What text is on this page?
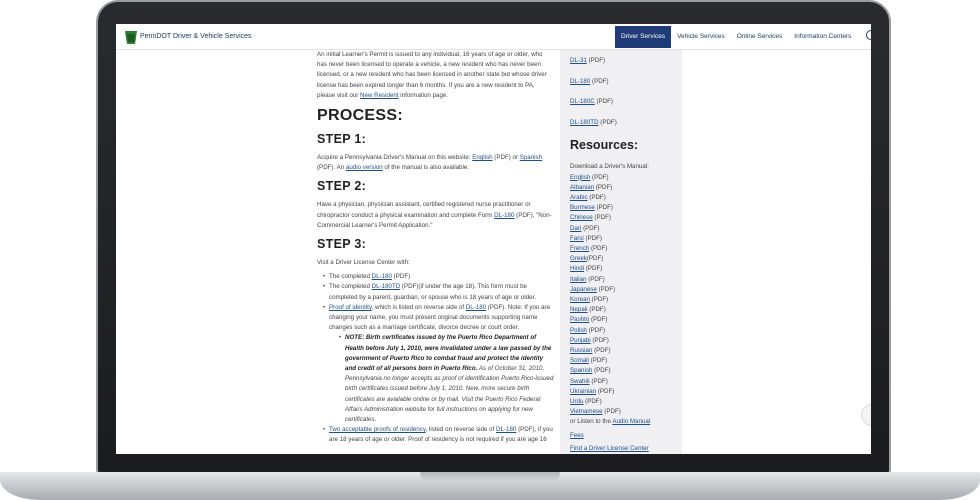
PennDOT Driver & Vehicle Services	Driver Services	Vehicle Services	Online Services	Information Centers

An initial Learner's Permit is issued to any individual, 16 years of age or older, who has never been licensed to operate a vehicle, a new resident who has never been licensed, or a new resident who has been licensed in another state but whose driver license has been expired longer than 6 months. If you are a new resident to PA, please visit our New Resident information page.

PROCESS:
STEP 1:

Acquire a Pennsylvania Driver's Manual on this website: English (PDF) or Spanish (PDF). An audio version of the manual is also available.

STEP 2:

Have a physician, physician assistant, certified registered nurse practitioner or chiropractor conduct a physical examination and complete Form DL-180 (PDF), "Non-Commercial Learner's Permit Application."

STEP 3:

Visit a Driver License Center with:

• The completed DL-180 (PDF)
• The completed DL-180TD (PDF)(if under the age 18). This form must be completed by a parent, guardian, or spouse who is 18 years of age or older.
• Proof of identity, which is listed on reverse side of DL-180 (PDF). Note: If you are changing your name, you must present original documents supporting name changes such as a marriage certificate, divorce decree or court order.
• NOTE: Birth certificates issued by the Puerto Rico Department of Health before July 1, 2010, were invalidated under a law passed by the government of Puerto Rico to combat fraud and protect the identity and credit of all persons born in Puerto Rico. As of October 31, 2010, Pennsylvania no longer accepts as proof of identification Puerto Rico-issued birth certificates issued before July 1, 2010. New, more secure birth certificates are available online or by mail. Visit the Puerto Rico Federal Affairs Administration website for full instructions on applying for new certificates.
• Two acceptable proofs of residency, listed on reverse side of DL-180 (PDF), if you are 18 years of age or older. Proof of residency is not required if you are age 16
DL-31 (PDF)
DL-180 (PDF)
DL-180C (PDF)
DL-180TD (PDF)
Resources:
Download a Driver's Manual:
English (PDF)
Albanian (PDF)
Arabic (PDF)
Burmese (PDF)
Chinese (PDF)
Dari (PDF)
Farsi (PDF)
French (PDF)
Greek(PDF)
Hindi (PDF)
Italian (PDF)
Japanese (PDF)
Korean (PDF)
Nepali (PDF)
Pashto (PDF)
Polish (PDF)
Punjabi (PDF)
Russian (PDF)
Somali (PDF)
Spanish (PDF)
Swahili (PDF)
Ukrainian (PDF)
Urdu (PDF)
Vietnamese (PDF)
or Listen to the Audio Manual
Fees
Find a Driver License Center
